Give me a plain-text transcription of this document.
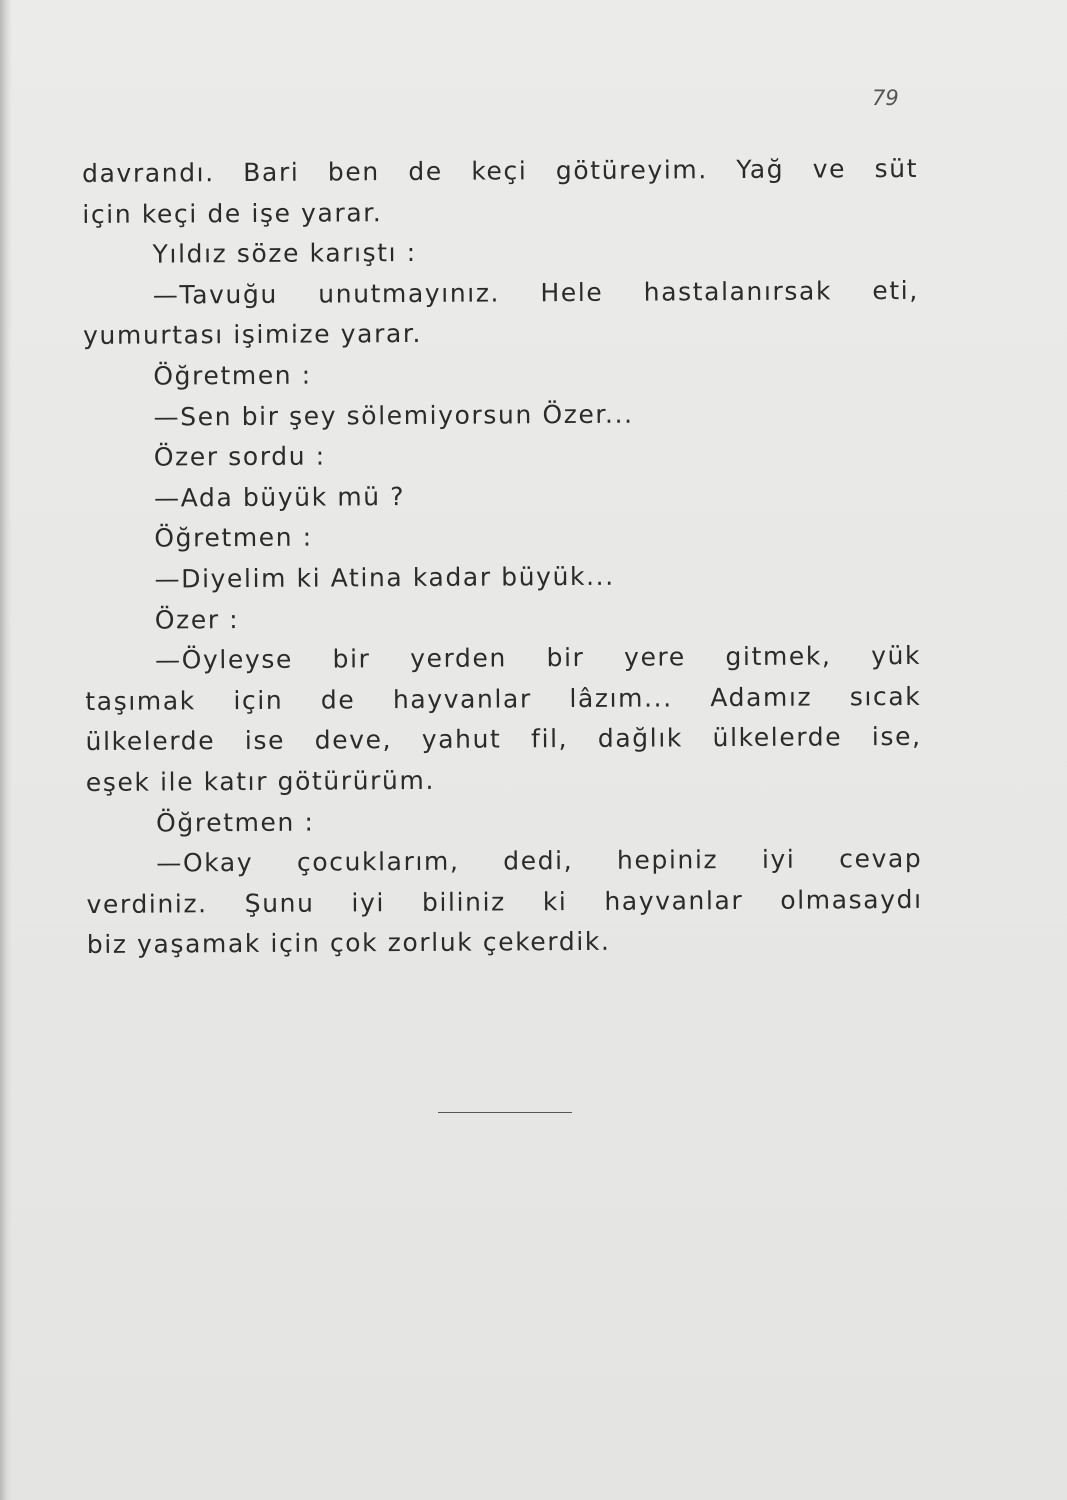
79
davrandı. Bari ben de keçi götüreyim. Yağ ve süt
için keçi de işe yarar.
Yıldız söze karıştı :
—Tavuğu unutmayınız. Hele hastalanırsak eti,
yumurtası işimize yarar.
Öğretmen :
—Sen bir şey sölemiyorsun Özer...
Özer sordu :
—Ada büyük mü ?
Öğretmen :
—Diyelim ki Atina kadar büyük...
Özer :
—Öyleyse bir yerden bir yere gitmek, yük
taşımak için de hayvanlar lâzım... Adamız sıcak
ülkelerde ise deve, yahut fil, dağlık ülkelerde ise,
eşek ile katır götürürüm.
Öğretmen :
—Okay çocuklarım, dedi, hepiniz iyi cevap
verdiniz. Şunu iyi biliniz ki hayvanlar olmasaydı
biz yaşamak için çok zorluk çekerdik.
